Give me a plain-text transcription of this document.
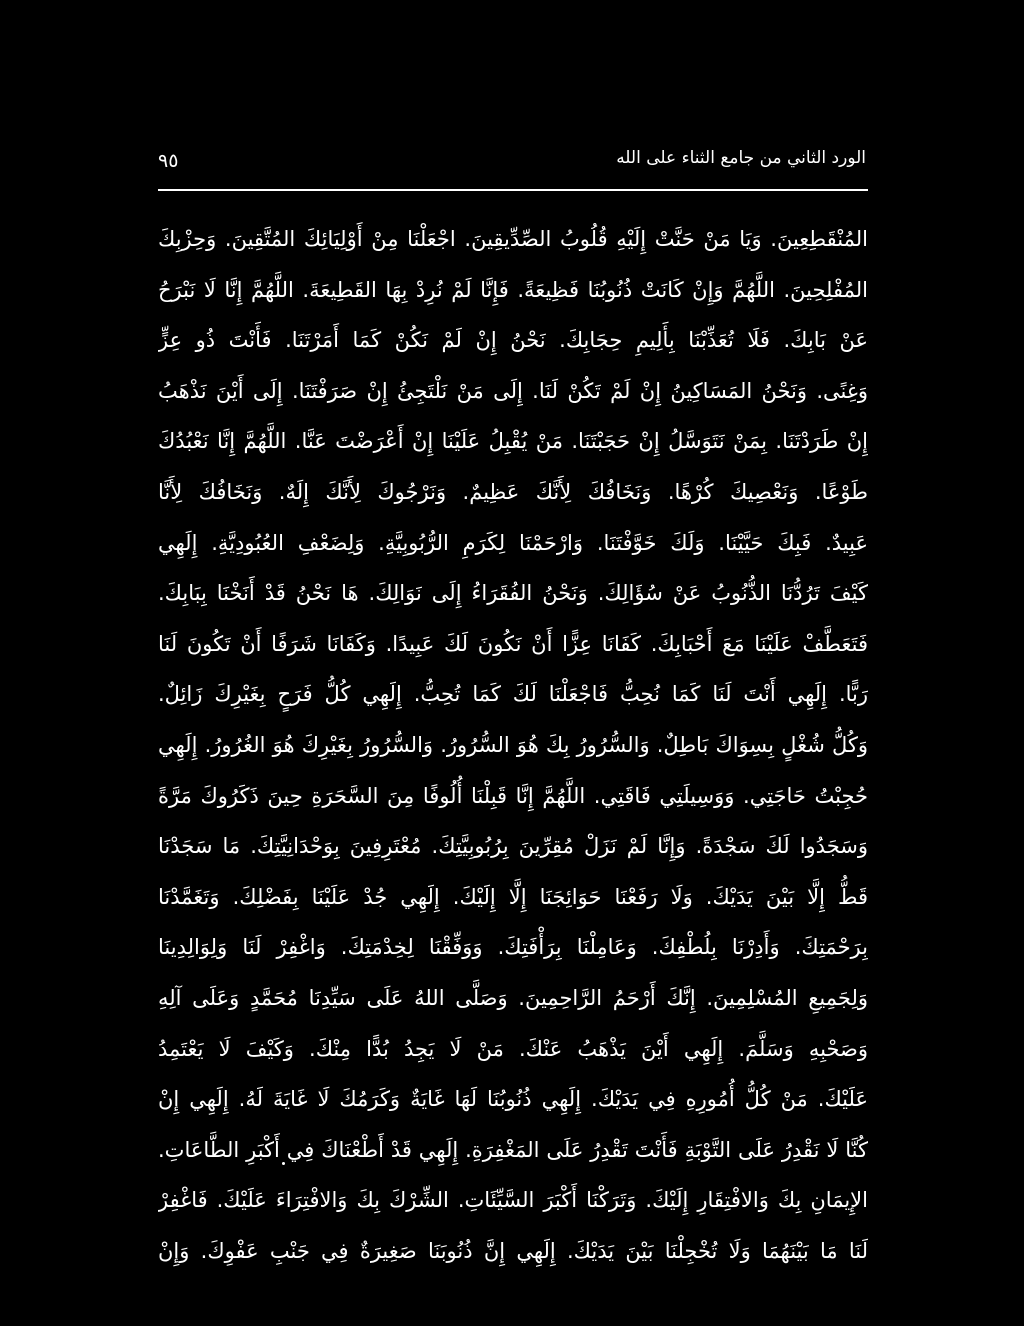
٩٥	الورد الثاني من جامع الثناء على الله
المُنْقَطِعِينَ. وَيَا مَنْ حَنَّتْ إِلَيْهِ قُلُوبُ الصِّدِّيقِينَ. اجْعَلْنَا مِنْ أَوْلِيَائِكَ المُتَّقِينَ. وَحِزْبِكَ
المُفْلِحِينَ. اللَّهُمَّ وَإِنْ كَانَتْ ذُنُوبُنَا فَظِيعَةً. فَإِنَّا لَمْ نُرِدْ بِهَا القَطِيعَةَ. اللَّهُمَّ إِنَّا لَا نَبْرَحُ
عَنْ بَابِكَ. فَلَا تُعَذِّبْنَا بِأَلِيمِ حِجَابِكَ. نَحْنُ إِنْ لَمْ نَكُنْ كَمَا أَمَرْتَنَا. فَأَنْتَ ذُو عِزٍّ
وَغِنًى. وَنَحْنُ المَسَاكِينُ إِنْ لَمْ تَكُنْ لَنَا. إِلَى مَنْ نَلْتَجِئُ إِنْ صَرَفْتَنَا. إِلَى أَيْنَ نَذْهَبُ
إِنْ طَرَدْتَنَا. بِمَنْ نَتَوَسَّلُ إِنْ حَجَبْتَنَا. مَنْ يُقْبِلُ عَلَيْنَا إِنْ أَعْرَضْتَ عَنَّا. اللَّهُمَّ إِنَّا نَعْبُدُكَ
طَوْعًا. وَنَعْصِيكَ كُرْهًا. وَنَخَافُكَ لِأَنَّكَ عَظِيمٌ. وَنَرْجُوكَ لِأَنَّكَ إِلَهٌ. وَنَخَافُكَ لِأَنَّا
عَبِيدٌ. فَبِكَ حَيَّيْنَا. وَلَكَ خَوَّفْتَنَا. وَارْحَمْنَا لِكَرَمِ الرُّبُوبِيَّةِ. وَلِضَعْفِ العُبُودِيَّةِ. إِلَهِي
كَيْفَ تَرُدُّنَا الذُّنُوبُ عَنْ سُؤَالِكَ. وَنَحْنُ الفُقَرَاءُ إِلَى نَوَالِكَ. هَا نَحْنُ قَدْ أَنَخْنَا بِبَابِكَ.
فَتَعَطَّفْ عَلَيْنَا مَعَ أَحْبَابِكَ. كَفَانَا عِزًّا أَنْ نَكُونَ لَكَ عَبِيدًا. وَكَفَانَا شَرَفًا أَنْ تَكُونَ لَنَا
رَبًّا. إِلَهِي أَنْتَ لَنَا كَمَا نُحِبُّ فَاجْعَلْنَا لَكَ كَمَا تُحِبُّ. إِلَهِي كُلُّ فَرَحٍ بِغَيْرِكَ زَائِلٌ.
وَكُلُّ شُغْلٍ بِسِوَاكَ بَاطِلٌ. وَالسُّرُورُ بِكَ هُوَ السُّرُورُ. وَالسُّرُورُ بِغَيْرِكَ هُوَ الغُرُورُ. إِلَهِي
حُجِبْتُ حَاجَتِي. وَوَسِيلَتِي فَاقَتِي. اللَّهُمَّ إِنَّا قَبِلْنَا أُلُوفًا مِنَ السَّحَرَةِ حِينَ ذَكَرُوكَ مَرَّةً
وَسَجَدُوا لَكَ سَجْدَةً. وَإِنَّا لَمْ نَزَلْ مُقِرِّينَ بِرُبُوبِيَّتِكَ. مُعْتَرِفِينَ بِوَحْدَانِيَّتِكَ. مَا سَجَدْنَا
قَطُّ إِلَّا بَيْنَ يَدَيْكَ. وَلَا رَفَعْنَا حَوَائِجَنَا إِلَّا إِلَيْكَ. إِلَهِي جُدْ عَلَيْنَا بِفَضْلِكَ. وَتَغَمَّدْنَا
بِرَحْمَتِكَ. وَأَدِرْنَا بِلُطْفِكَ. وَعَامِلْنَا بِرَأْفَتِكَ. وَوَفِّقْنَا لِخِدْمَتِكَ. وَاغْفِرْ لَنَا وَلِوَالِدِينَا
وَلِجَمِيعِ المُسْلِمِينَ. إِنَّكَ أَرْحَمُ الرَّاحِمِينَ. وَصَلَّى اللهُ عَلَى سَيِّدِنَا مُحَمَّدٍ وَعَلَى آلِهِ
وَصَحْبِهِ وَسَلَّمَ. إِلَهِي أَيْنَ يَذْهَبُ عَنْكَ. مَنْ لَا يَجِدُ بُدًّا مِنْكَ. وَكَيْفَ لَا يَعْتَمِدُ
عَلَيْكَ. مَنْ كُلُّ أُمُورِهِ فِي يَدَيْكَ. إِلَهِي ذُنُوبُنَا لَهَا غَايَةٌ وَكَرَمُكَ لَا غَايَةَ لَهُ. إِلَهِي إِنْ
كُنَّا لَا نَقْدِرُ عَلَى التَّوْبَةِ فَأَنْتَ تَقْدِرُ عَلَى المَغْفِرَةِ. إِلَهِي قَدْ أَطْعْنَاكَ فِي أَكْبَرِ الطَّاعَاتِ.
الإِيمَانِ بِكَ وَالافْتِقَارِ إِلَيْكَ. وَتَرَكْنَا أَكْبَرَ السَّيِّئَاتِ. الشِّرْكَ بِكَ وَالافْتِرَاءَ عَلَيْكَ. فَاغْفِرْ
لَنَا مَا بَيْنَهُمَا وَلَا تُخْجِلْنَا بَيْنَ يَدَيْكَ. إِلَهِي إِنَّ ذُنُوبَنَا صَغِيرَةٌ فِي جَنْبِ عَفْوِكَ. وَإِنْ
